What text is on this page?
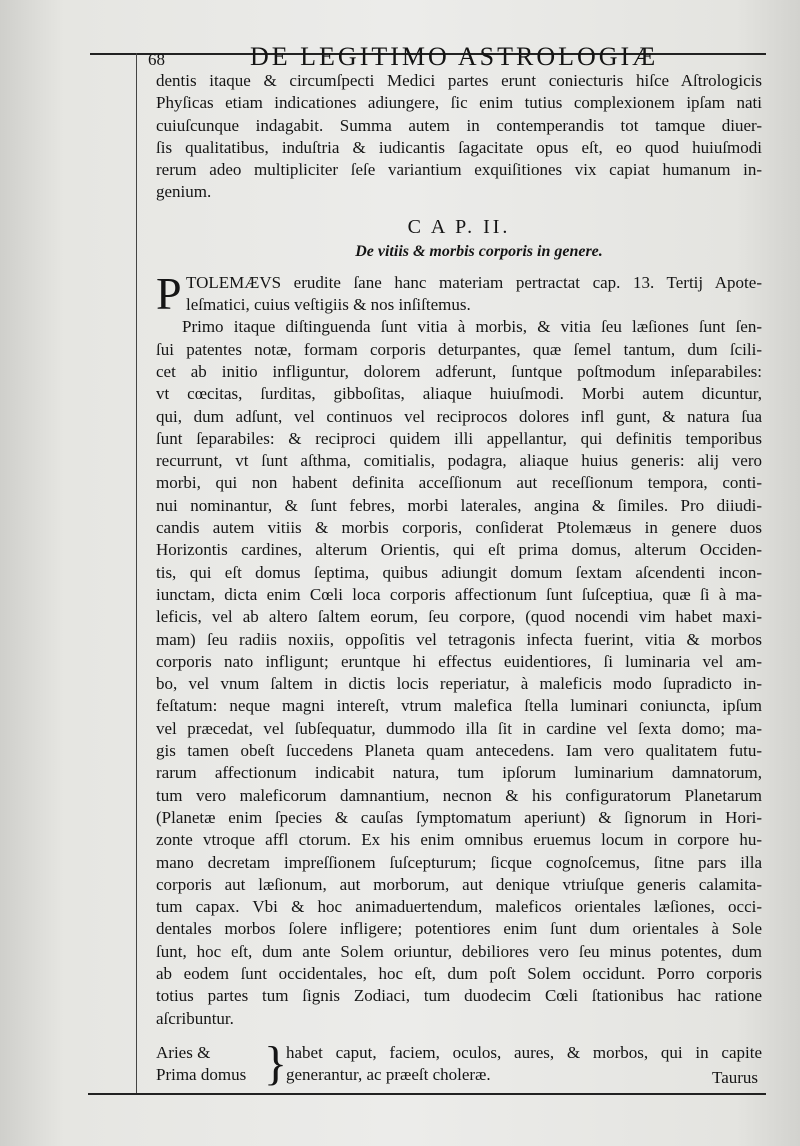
68	DE LEGITIMO ASTROLOGIÆ
dentis itaque & circumſpecti Medici partes erunt coniecturis hiſce Aſtrologicis
Phyſicas etiam indicationes adiungere, ſic enim tutius complexionem ipſam nati
cuiuſcunque indagabit. Summa autem in contemperandis tot tamque diuer-
ſis qualitatibus, induſtria & iudicantis ſagacitate opus eſt, eo quod huiuſmodi
rerum adeo multipliciter ſeſe variantium exquiſitiones vix capiat humanum in-
genium.
C A P. II.
De vitiis & morbis corporis in genere.
P TOLEMÆVS erudite ſane hanc materiam pertractat cap. 13. Tertij Apote-
leſmatici, cuius veſtigiis & nos inſiſtemus.
Primo itaque diſtinguenda ſunt vitia à morbis, & vitia ſeu læſiones ſunt ſen-
ſui patentes notæ, formam corporis deturpantes, quæ ſemel tantum, dum ſcili-
cet ab initio infliguntur, dolorem adferunt, ſuntque poſtmodum inſeparabiles:
vt cœcitas, ſurditas, gibboſitas, aliaque huiuſmodi. Morbi autem dicuntur,
qui, dum adſunt, vel continuos vel reciprocos dolores infl gunt, & natura ſua
ſunt ſeparabiles: & reciproci quidem illi appellantur, qui definitis temporibus
recurrunt, vt ſunt aſthma, comitialis, podagra, aliaque huius generis: alij vero
morbi, qui non habent definita acceſſionum aut receſſionum tempora, conti-
nui nominantur, & ſunt febres, morbi laterales, angina & ſimiles. Pro diiudi-
candis autem vitiis & morbis corporis, conſiderat Ptolemæus in genere duos
Horizontis cardines, alterum Orientis, qui eſt prima domus, alterum Occiden-
tis, qui eſt domus ſeptima, quibus adiungit domum ſextam aſcendenti incon-
iunctam, dicta enim Cœli loca corporis affectionum ſunt ſuſceptiua, quæ ſi à ma-
leficis, vel ab altero ſaltem eorum, ſeu corpore, (quod nocendi vim habet maxi-
mam) ſeu radiis noxiis, oppoſitis vel tetragonis infecta fuerint, vitia & morbos
corporis nato infligunt; eruntque hi effectus euidentiores, ſi luminaria vel am-
bo, vel vnum ſaltem in dictis locis reperiatur, à maleficis modo ſupradicto in-
feſtatum: neque magni intereſt, vtrum malefica ſtella luminari coniuncta, ipſum
vel præcedat, vel ſubſequatur, dummodo illa ſit in cardine vel ſexta domo; ma-
gis tamen obeſt ſuccedens Planeta quam antecedens. Iam vero qualitatem futu-
rarum affectionum indicabit natura, tum ipſorum luminarium damnatorum,
tum vero maleficorum damnantium, necnon & his configuratorum Planetarum
(Planetæ enim ſpecies & cauſas ſymptomatum aperiunt) & ſignorum in Hori-
zonte vtroque affl ctorum. Ex his enim omnibus eruemus locum in corpore hu-
mano decretam impreſſionem ſuſcepturum; ſicque cognoſcemus, ſitne pars illa
corporis aut læſionum, aut morborum, aut denique vtriuſque generis calamita-
tum capax. Vbi & hoc animaduertendum, maleficos orientales læſiones, occi-
dentales morbos ſolere infligere; potentiores enim ſunt dum orientales à Sole
ſunt, hoc eſt, dum ante Solem oriuntur, debiliores vero ſeu minus potentes, dum
ab eodem ſunt occidentales, hoc eſt, dum poſt Solem occidunt. Porro corporis
totius partes tum ſignis Zodiaci, tum duodecim Cœli ſtationibus hac ratione
aſcribuntur.
Aries &
Prima domus }
habet caput, faciem, oculos, aures, & morbos, qui in capite
generantur, ac præeſt choleræ.	Taurus
